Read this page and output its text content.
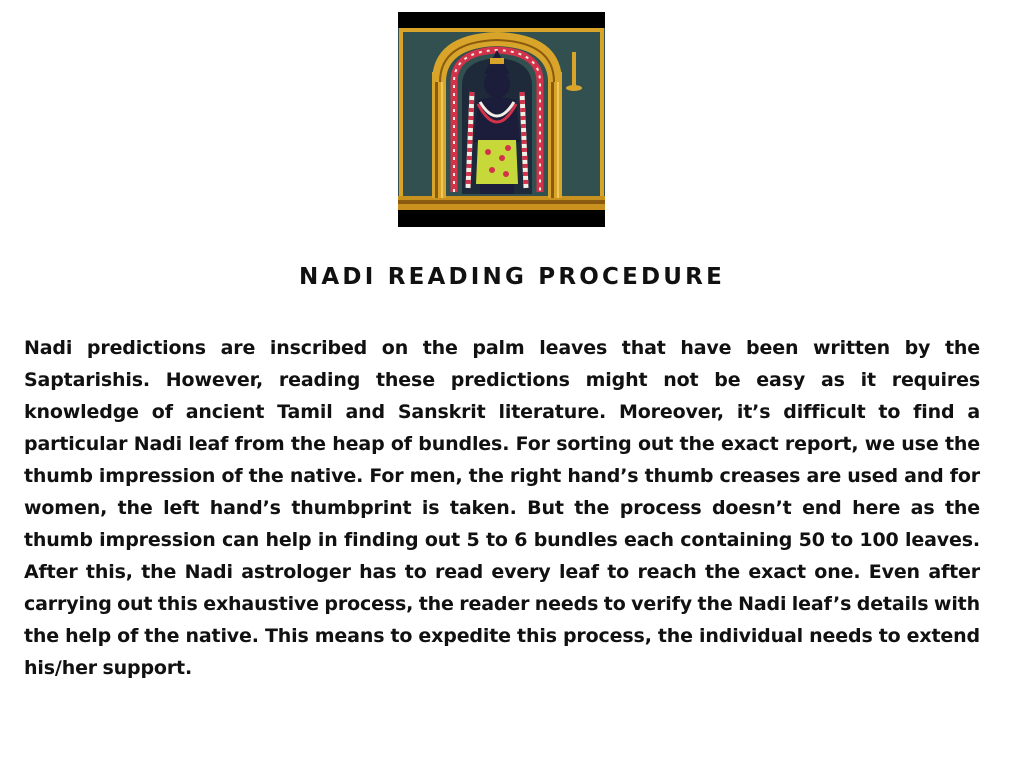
NADI READING PROCEDURE

Nadi predictions are inscribed on the palm leaves that have been written by the Saptarishis. However, reading these predictions might not be easy as it requires knowledge of ancient Tamil and Sanskrit literature. Moreover, it’s difficult to find a particular Nadi leaf from the heap of bundles. For sorting out the exact report, we use the thumb impression of the native. For men, the right hand’s thumb creases are used and for women, the left hand’s thumbprint is taken. But the process doesn’t end here as the thumb impression can help in finding out 5 to 6 bundles each containing 50 to 100 leaves. After this, the Nadi astrologer has to read every leaf to reach the exact one. Even after carrying out this exhaustive process, the reader needs to verify the Nadi leaf’s details with the help of the native. This means to expedite this process, the individual needs to extend his/her support.
